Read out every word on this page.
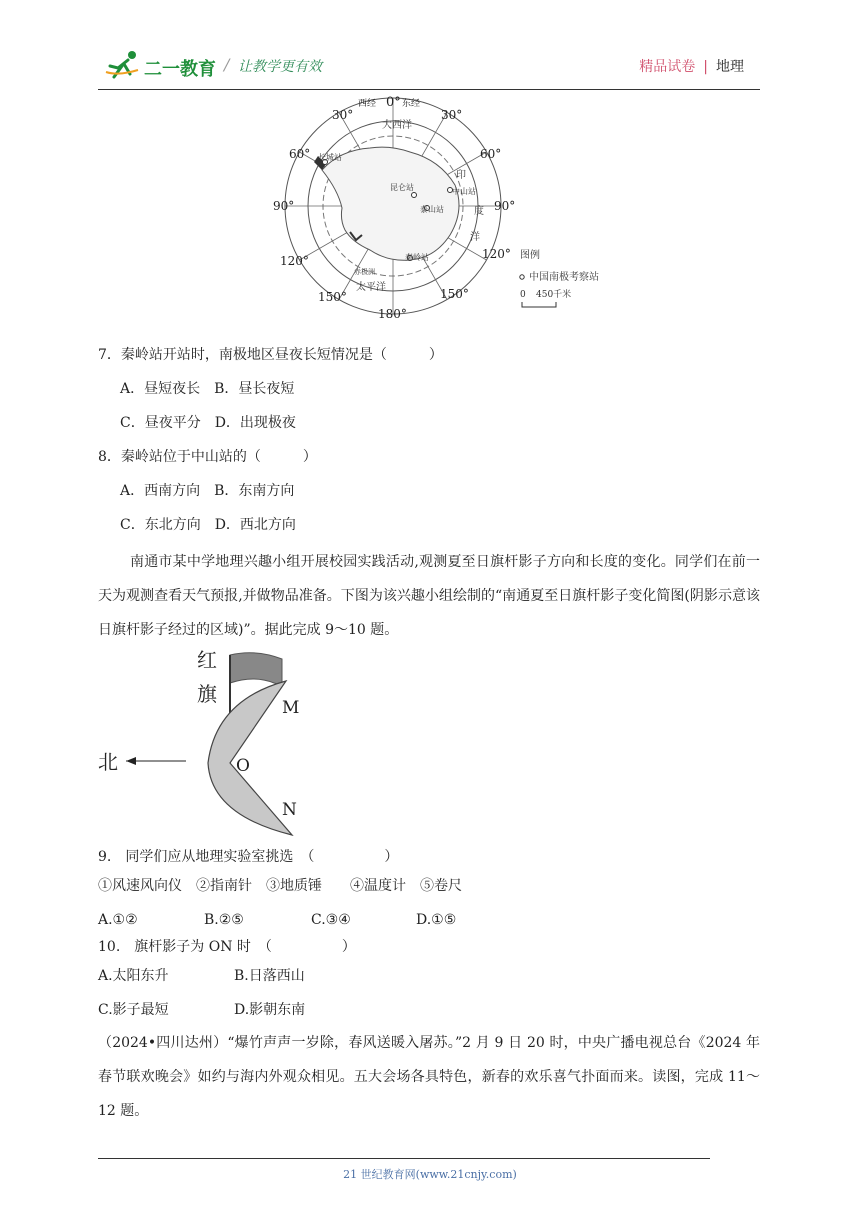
二一教育 / 让教学更有效	精品试卷 | 地理
西经 0° 东经
30°	30°
60°	60°
90°	90°
120°	120°
150°	150°
180°
大西洋
印
度
洋
太平洋
长城站
昆仑站	中山站
泰山站
秦岭站
赤极洲
图例
中国南极考察站
0 450千米
7．秦岭站开站时，南极地区昼夜长短情况是（　　　）
A．昼短夜长　B．昼长夜短
C．昼夜平分　D．出现极夜
8．秦岭站位于中山站的（　　　）
A．西南方向　B．东南方向
C．东北方向　D．西北方向
南通市某中学地理兴趣小组开展校园实践活动,观测夏至日旗杆影子方向和长度的变化。同学们在前一天为观测查看天气预报,并做物品准备。下图为该兴趣小组绘制的“南通夏至日旗杆影子变化简图(阴影示意该日旗杆影子经过的区域)”。据此完成 9～10 题。
红
旗
M
O
N
北
9.　同学们应从地理实验室挑选　（　　　　　）
①风速风向仪　②指南针　③地质锤　　④温度计　⑤卷尺
A.①②	B.②⑤	C.③④	D.①⑤
10.　旗杆影子为 ON 时　（　　　　　）
A.太阳东升	B.日落西山
C.影子最短	D.影朝东南
（2024•四川达州）“爆竹声声一岁除，春风送暖入屠苏。”2 月 9 日 20 时，中央广播电视总台《2024 年春节联欢晚会》如约与海内外观众相见。五大会场各具特色，新春的欢乐喜气扑面而来。读图，完成 11～12 题。
21 世纪教育网(www.21cnjy.com)
